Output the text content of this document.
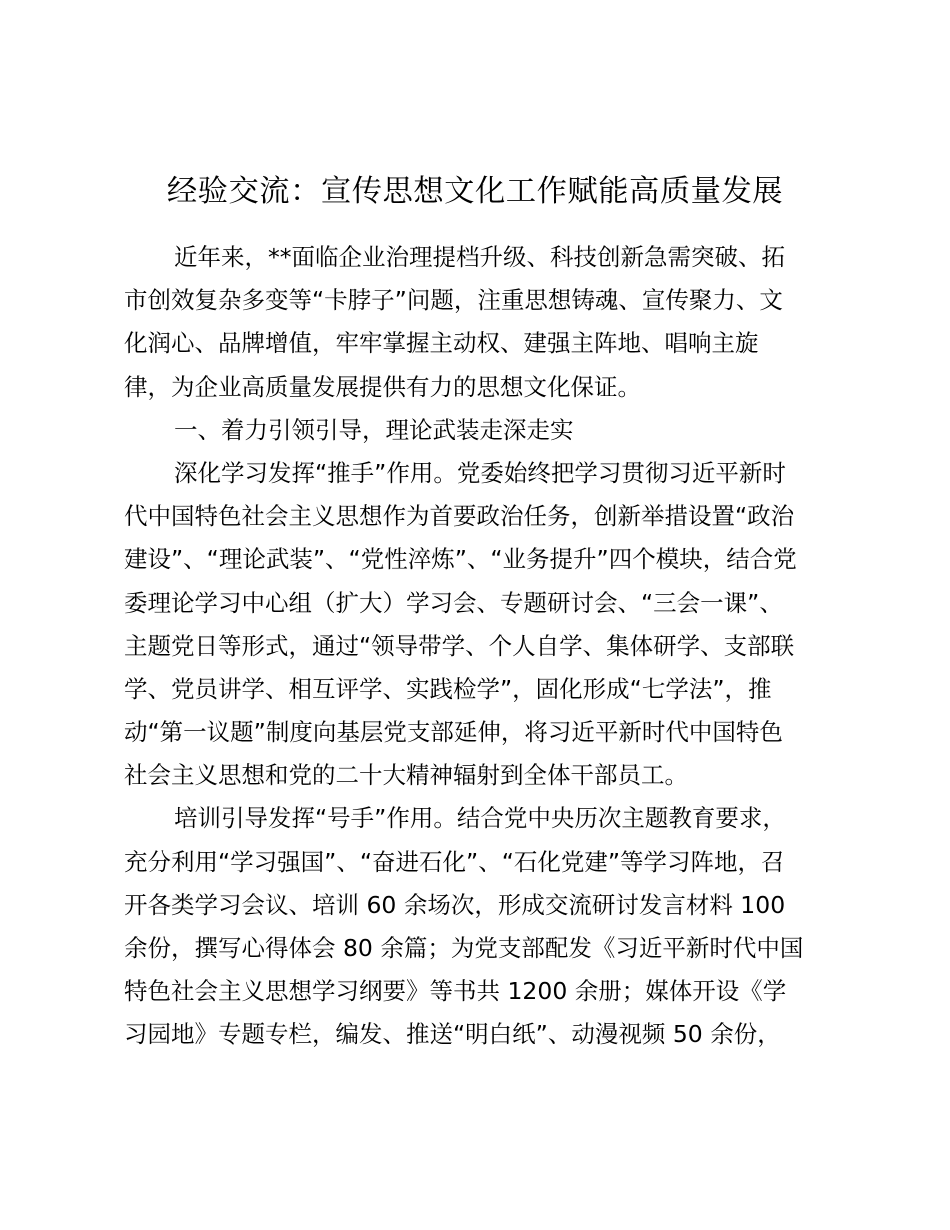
经验交流：宣传思想文化工作赋能高质量发展
近年来，**面临企业治理提档升级、科技创新急需突破、拓
市创效复杂多变等“卡脖子”问题，注重思想铸魂、宣传聚力、文
化润心、品牌增值，牢牢掌握主动权、建强主阵地、唱响主旋
律，为企业高质量发展提供有力的思想文化保证。
一、着力引领引导，理论武装走深走实
深化学习发挥“推手”作用。党委始终把学习贯彻习近平新时
代中国特色社会主义思想作为首要政治任务，创新举措设置“政治
建设”、“理论武装”、“党性淬炼”、“业务提升”四个模块，结合党
委理论学习中心组（扩大）学习会、专题研讨会、“三会一课”、
主题党日等形式，通过“领导带学、个人自学、集体研学、支部联
学、党员讲学、相互评学、实践检学”，固化形成“七学法”，推
动“第一议题”制度向基层党支部延伸，将习近平新时代中国特色
社会主义思想和党的二十大精神辐射到全体干部员工。
培训引导发挥“号手”作用。结合党中央历次主题教育要求，
充分利用“学习强国”、“奋进石化”、“石化党建”等学习阵地，召
开各类学习会议、培训 60 余场次，形成交流研讨发言材料 100
余份，撰写心得体会 80 余篇；为党支部配发《习近平新时代中国
特色社会主义思想学习纲要》等书共 1200 余册；媒体开设《学
习园地》专题专栏，编发、推送“明白纸”、动漫视频 50 余份，
